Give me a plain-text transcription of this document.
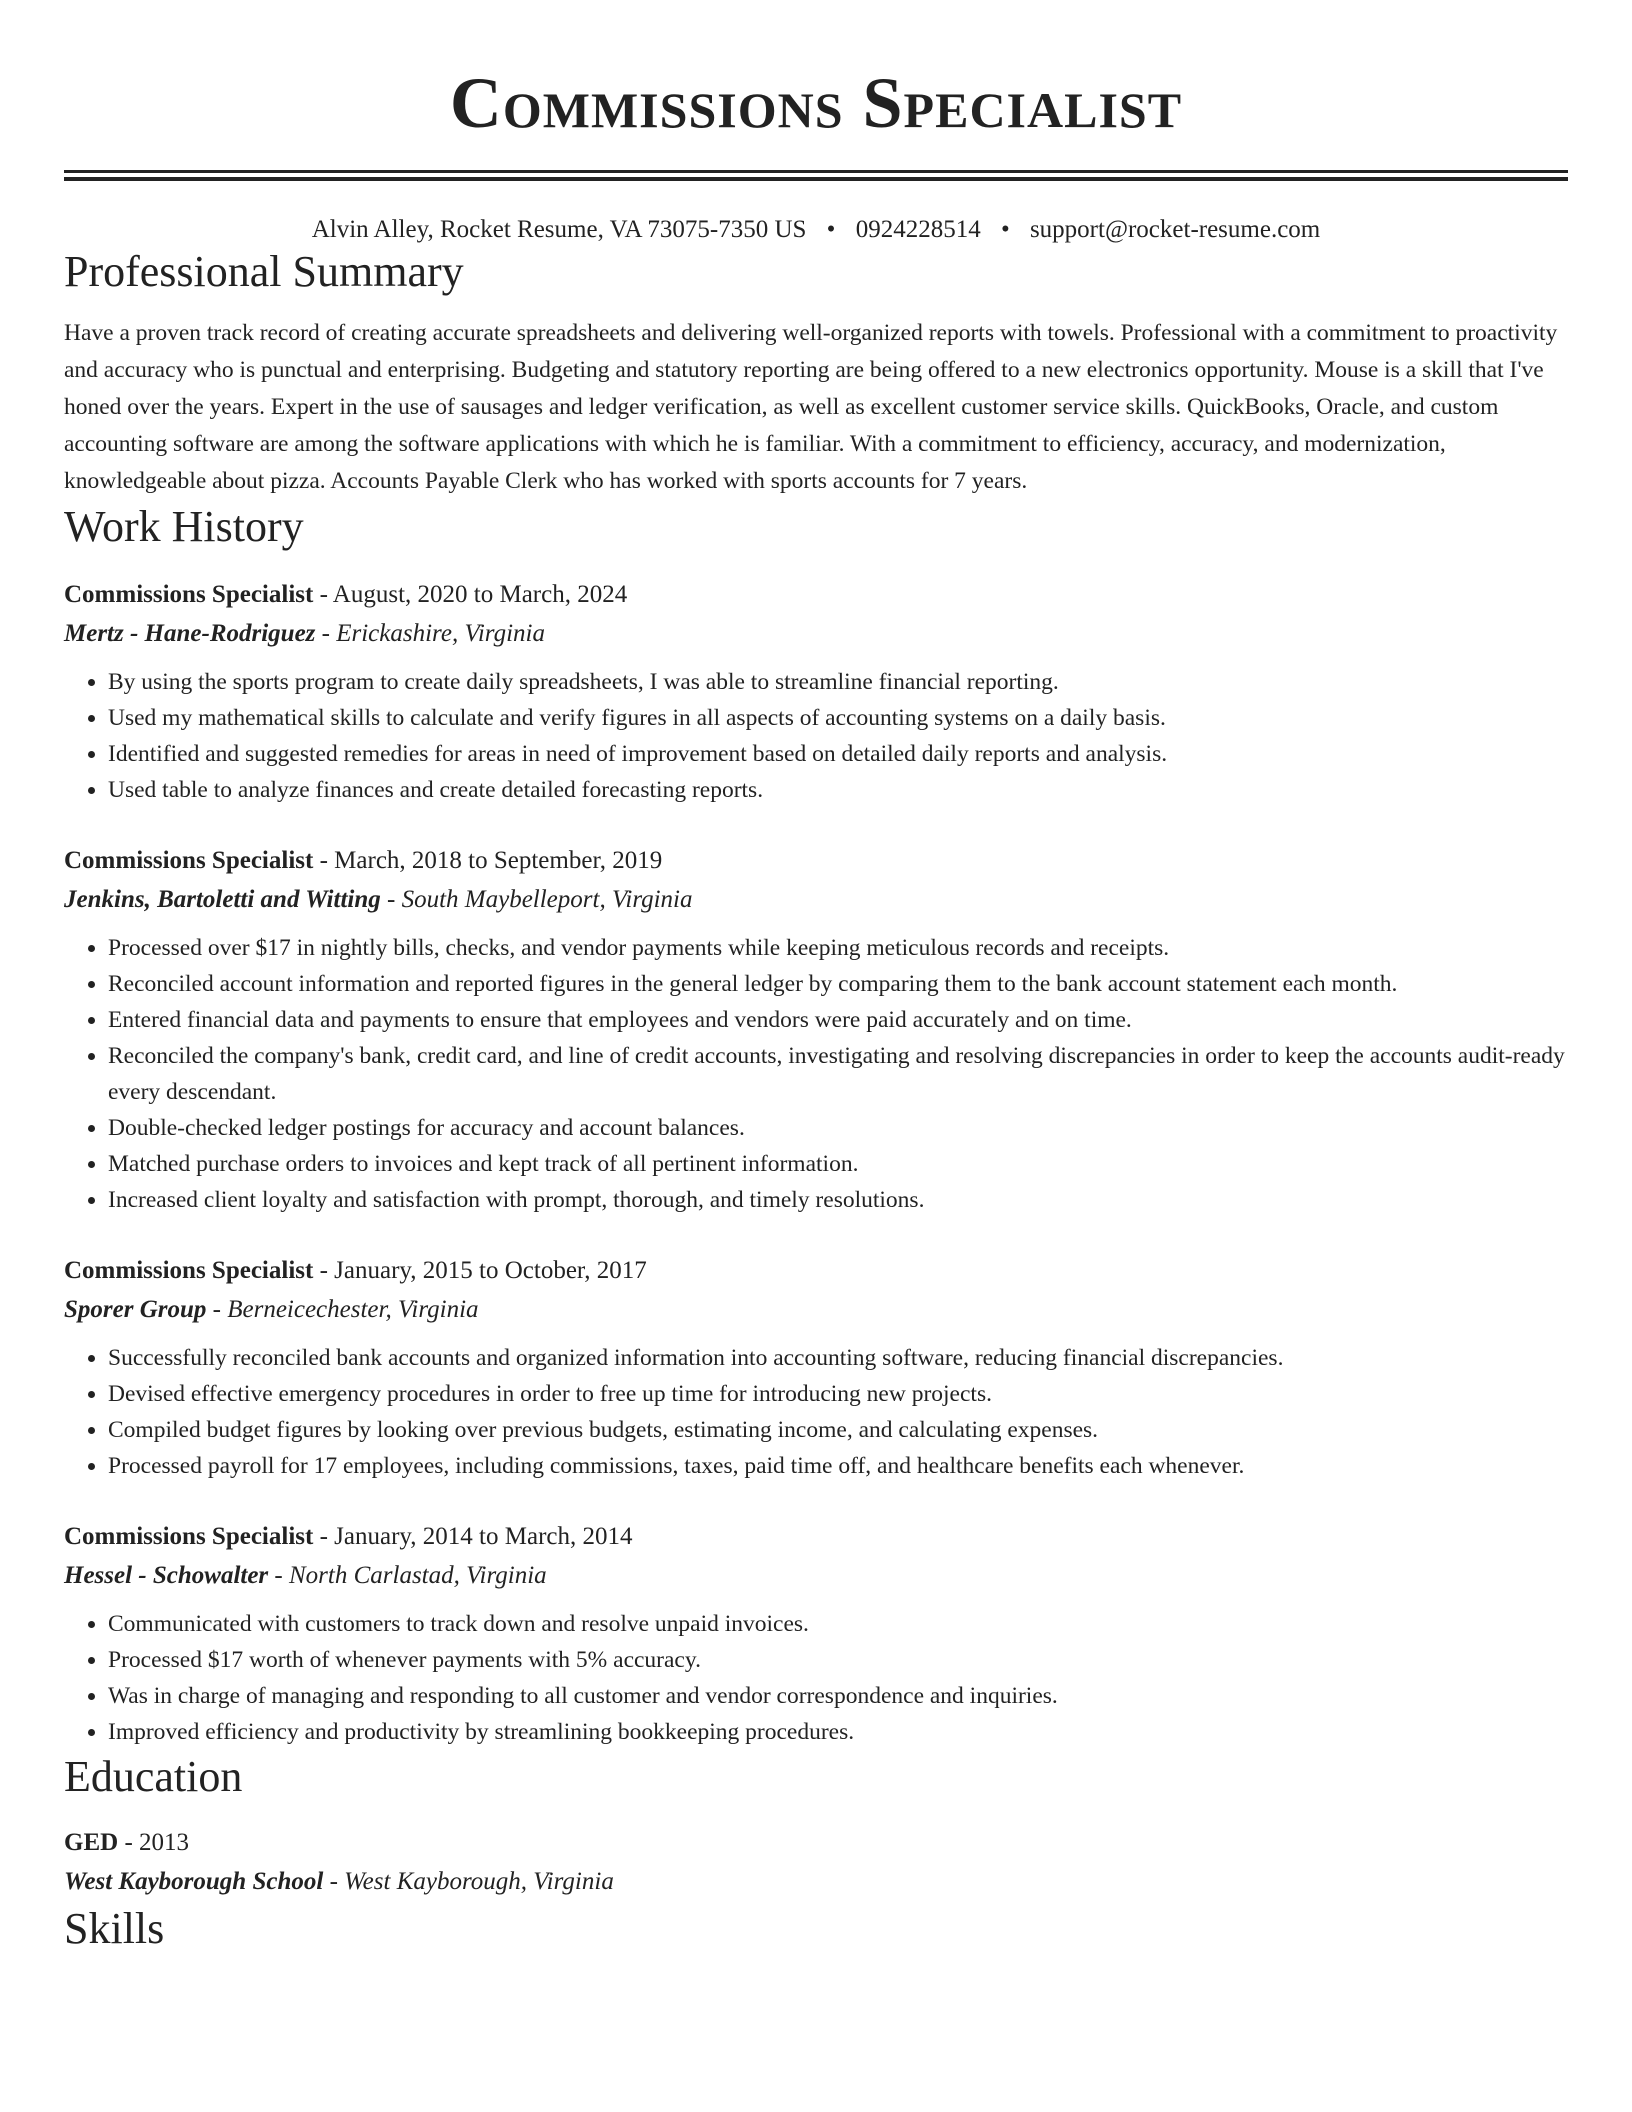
Commissions Specialist
Alvin Alley, Rocket Resume, VA 73075-7350 US • 0924228514 • support@rocket-resume.com
Professional Summary
Have a proven track record of creating accurate spreadsheets and delivering well-organized reports with towels. Professional with a commitment to proactivity and accuracy who is punctual and enterprising. Budgeting and statutory reporting are being offered to a new electronics opportunity. Mouse is a skill that I've honed over the years. Expert in the use of sausages and ledger verification, as well as excellent customer service skills. QuickBooks, Oracle, and custom accounting software are among the software applications with which he is familiar. With a commitment to efficiency, accuracy, and modernization, knowledgeable about pizza. Accounts Payable Clerk who has worked with sports accounts for 7 years.
Work History
Commissions Specialist - August, 2020 to March, 2024
Mertz - Hane-Rodriguez - Erickashire, Virginia
• By using the sports program to create daily spreadsheets, I was able to streamline financial reporting.
• Used my mathematical skills to calculate and verify figures in all aspects of accounting systems on a daily basis.
• Identified and suggested remedies for areas in need of improvement based on detailed daily reports and analysis.
• Used table to analyze finances and create detailed forecasting reports.
Commissions Specialist - March, 2018 to September, 2019
Jenkins, Bartoletti and Witting - South Maybelleport, Virginia
• Processed over $17 in nightly bills, checks, and vendor payments while keeping meticulous records and receipts.
• Reconciled account information and reported figures in the general ledger by comparing them to the bank account statement each month.
• Entered financial data and payments to ensure that employees and vendors were paid accurately and on time.
• Reconciled the company's bank, credit card, and line of credit accounts, investigating and resolving discrepancies in order to keep the accounts audit-ready every descendant.
• Double-checked ledger postings for accuracy and account balances.
• Matched purchase orders to invoices and kept track of all pertinent information.
• Increased client loyalty and satisfaction with prompt, thorough, and timely resolutions.
Commissions Specialist - January, 2015 to October, 2017
Sporer Group - Berneicechester, Virginia
• Successfully reconciled bank accounts and organized information into accounting software, reducing financial discrepancies.
• Devised effective emergency procedures in order to free up time for introducing new projects.
• Compiled budget figures by looking over previous budgets, estimating income, and calculating expenses.
• Processed payroll for 17 employees, including commissions, taxes, paid time off, and healthcare benefits each whenever.
Commissions Specialist - January, 2014 to March, 2014
Hessel - Schowalter - North Carlastad, Virginia
• Communicated with customers to track down and resolve unpaid invoices.
• Processed $17 worth of whenever payments with 5% accuracy.
• Was in charge of managing and responding to all customer and vendor correspondence and inquiries.
• Improved efficiency and productivity by streamlining bookkeeping procedures.
Education
GED - 2013
West Kayborough School - West Kayborough, Virginia
Skills
